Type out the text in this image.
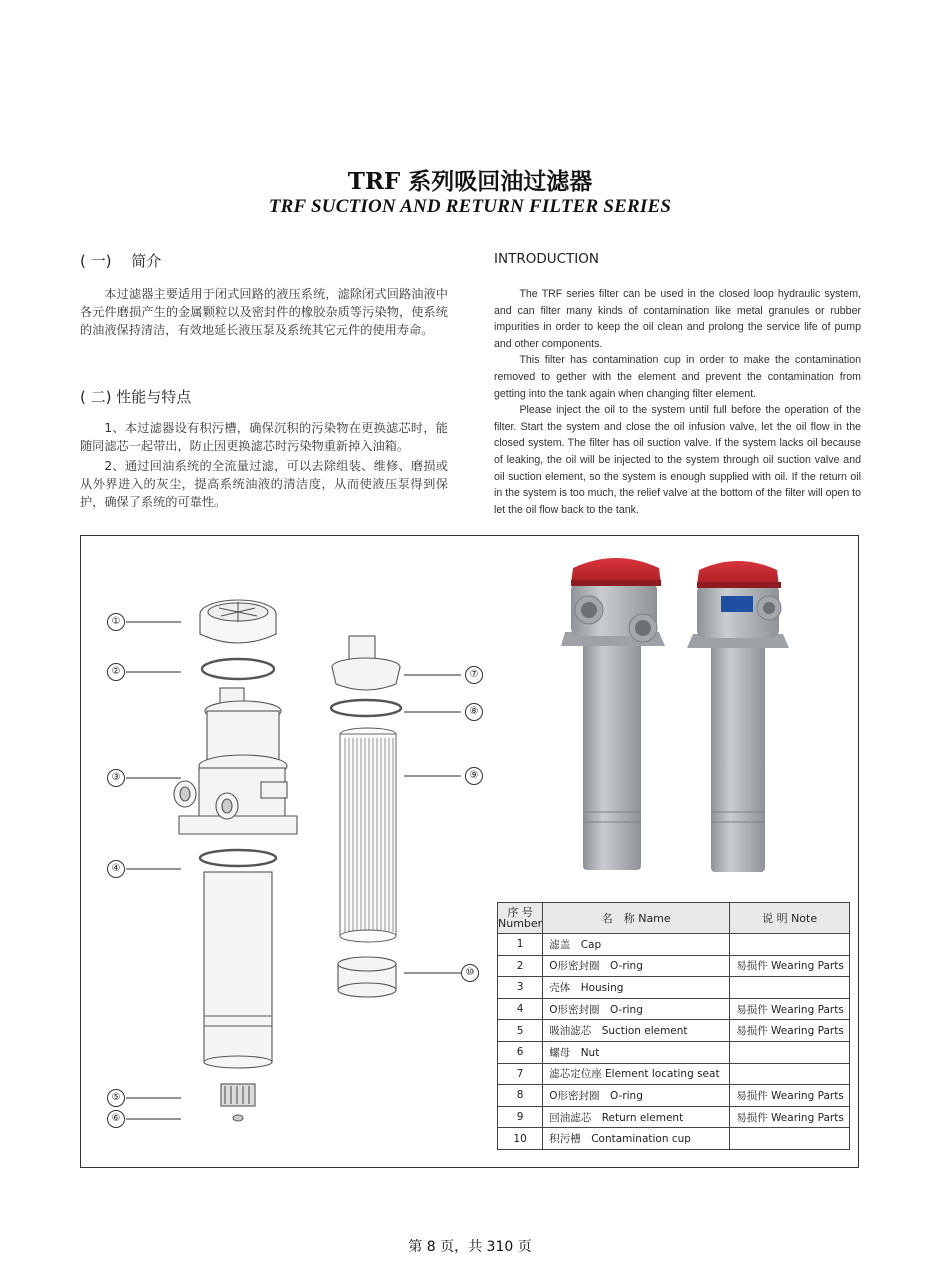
TRF 系列吸回油过滤器
TRF SUCTION AND RETURN FILTER SERIES
( 一)　 简介

本过滤器主要适用于闭式回路的液压系统，滤除闭式回路油液中各元件磨损产生的金属颗粒以及密封件的橡胶杂质等污染物，使系统的油液保持清洁，有效地延长液压泵及系统其它元件的使用寿命。

( 二) 性能与特点

1、本过滤器设有积污槽，确保沉积的污染物在更换滤芯时，能随同滤芯一起带出，防止因更换滤芯时污染物重新掉入油箱。

2、通过回油系统的全流量过滤，可以去除组装、维修、磨损或从外界进入的灰尘，提高系统油液的清洁度，从而使液压泵得到保护，确保了系统的可靠性。

INTRODUCTION

The TRF series filter can be used in the closed loop hydraulic system, and can filter many kinds of contamination like metal granules or rubber impurities in order to keep the oil clean and prolong the service life of pump and other components.

This filter has contamination cup in order to make the contamination removed to gether with the element and prevent the contamination from getting into the tank again when changing filter element.

Please inject the oil to the system until full before the operation of the filter. Start the system and close the oil infusion valve, let the oil flow in the closed system. The filter has oil suction valve. If the system lacks oil because of leaking, the oil will be injected to the system through oil suction valve and oil suction element, so the system is enough supplied with oil. If the return oil in the system is too much, the relief valve at the bottom of the filter will open to let the oil flow back to the tank.

①
②
③
④
⑤
⑥
⑦
⑧
⑨
⑩
序 号
Number	名　称 Name	说 明 Note
1	滤盖　Cap	
2	O形密封圈　O-ring	易损件 Wearing Parts
3	壳体　Housing	
4	O形密封圈　O-ring	易损件 Wearing Parts
5	吸油滤芯　Suction element	易损件 Wearing Parts
6	螺母　Nut	
7	滤芯定位座 Element locating seat	
8	O形密封圈　O-ring	易损件 Wearing Parts
9	回油滤芯　Return element	易损件 Wearing Parts
10	积污槽　Contamination cup	
第 8 页，共 310 页
